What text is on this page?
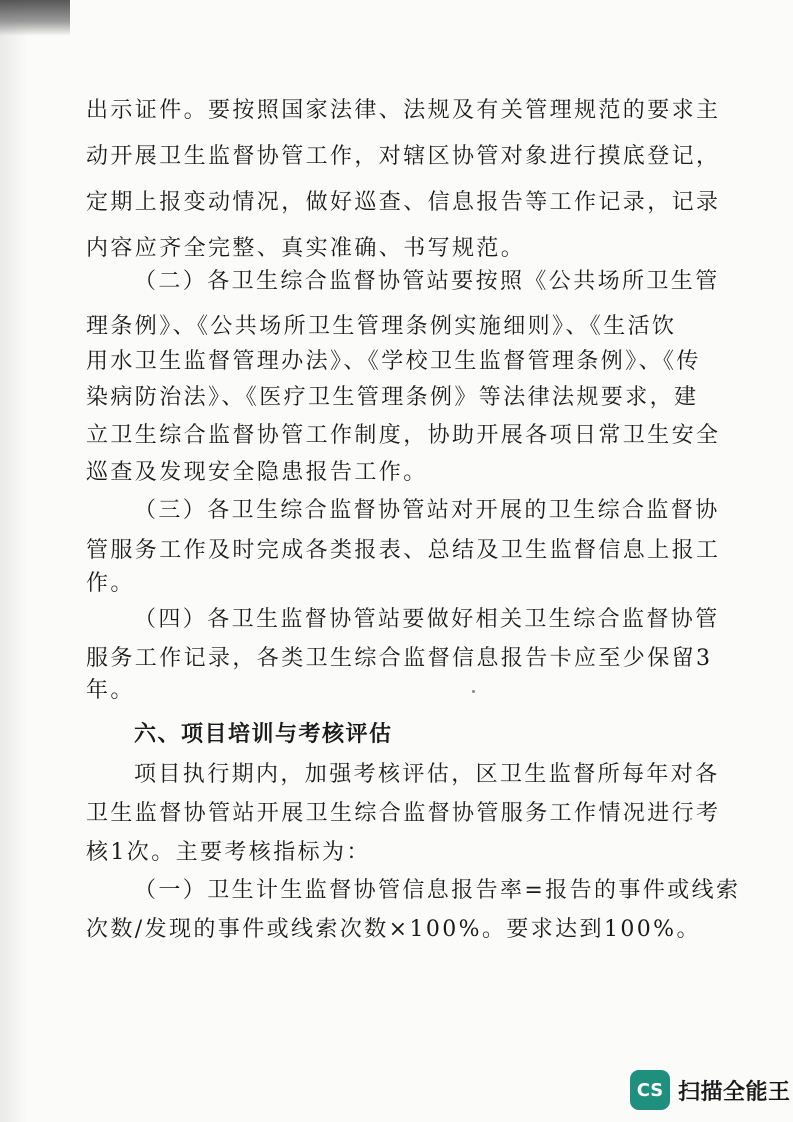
出示证件。要按照国家法律、法规及有关管理规范的要求主
动开展卫生监督协管工作，对辖区协管对象进行摸底登记，
定期上报变动情况，做好巡查、信息报告等工作记录，记录
内容应齐全完整、真实准确、书写规范。
（二）各卫生综合监督协管站要按照《公共场所卫生管
理条例》、《公共场所卫生管理条例实施细则》、《生活饮
用水卫生监督管理办法》、《学校卫生监督管理条例》、《传
染病防治法》、《医疗卫生管理条例》等法律法规要求，建
立卫生综合监督协管工作制度，协助开展各项日常卫生安全
巡查及发现安全隐患报告工作。
（三）各卫生综合监督协管站对开展的卫生综合监督协
管服务工作及时完成各类报表、总结及卫生监督信息上报工
作。
（四）各卫生监督协管站要做好相关卫生综合监督协管
服务工作记录，各类卫生综合监督信息报告卡应至少保留3
年。
六、项目培训与考核评估
项目执行期内，加强考核评估，区卫生监督所每年对各
卫生监督协管站开展卫生综合监督协管服务工作情况进行考
核1次。主要考核指标为：
（一）卫生计生监督协管信息报告率=报告的事件或线索
次数/发现的事件或线索次数×100%。要求达到100%。
CS 扫描全能王
